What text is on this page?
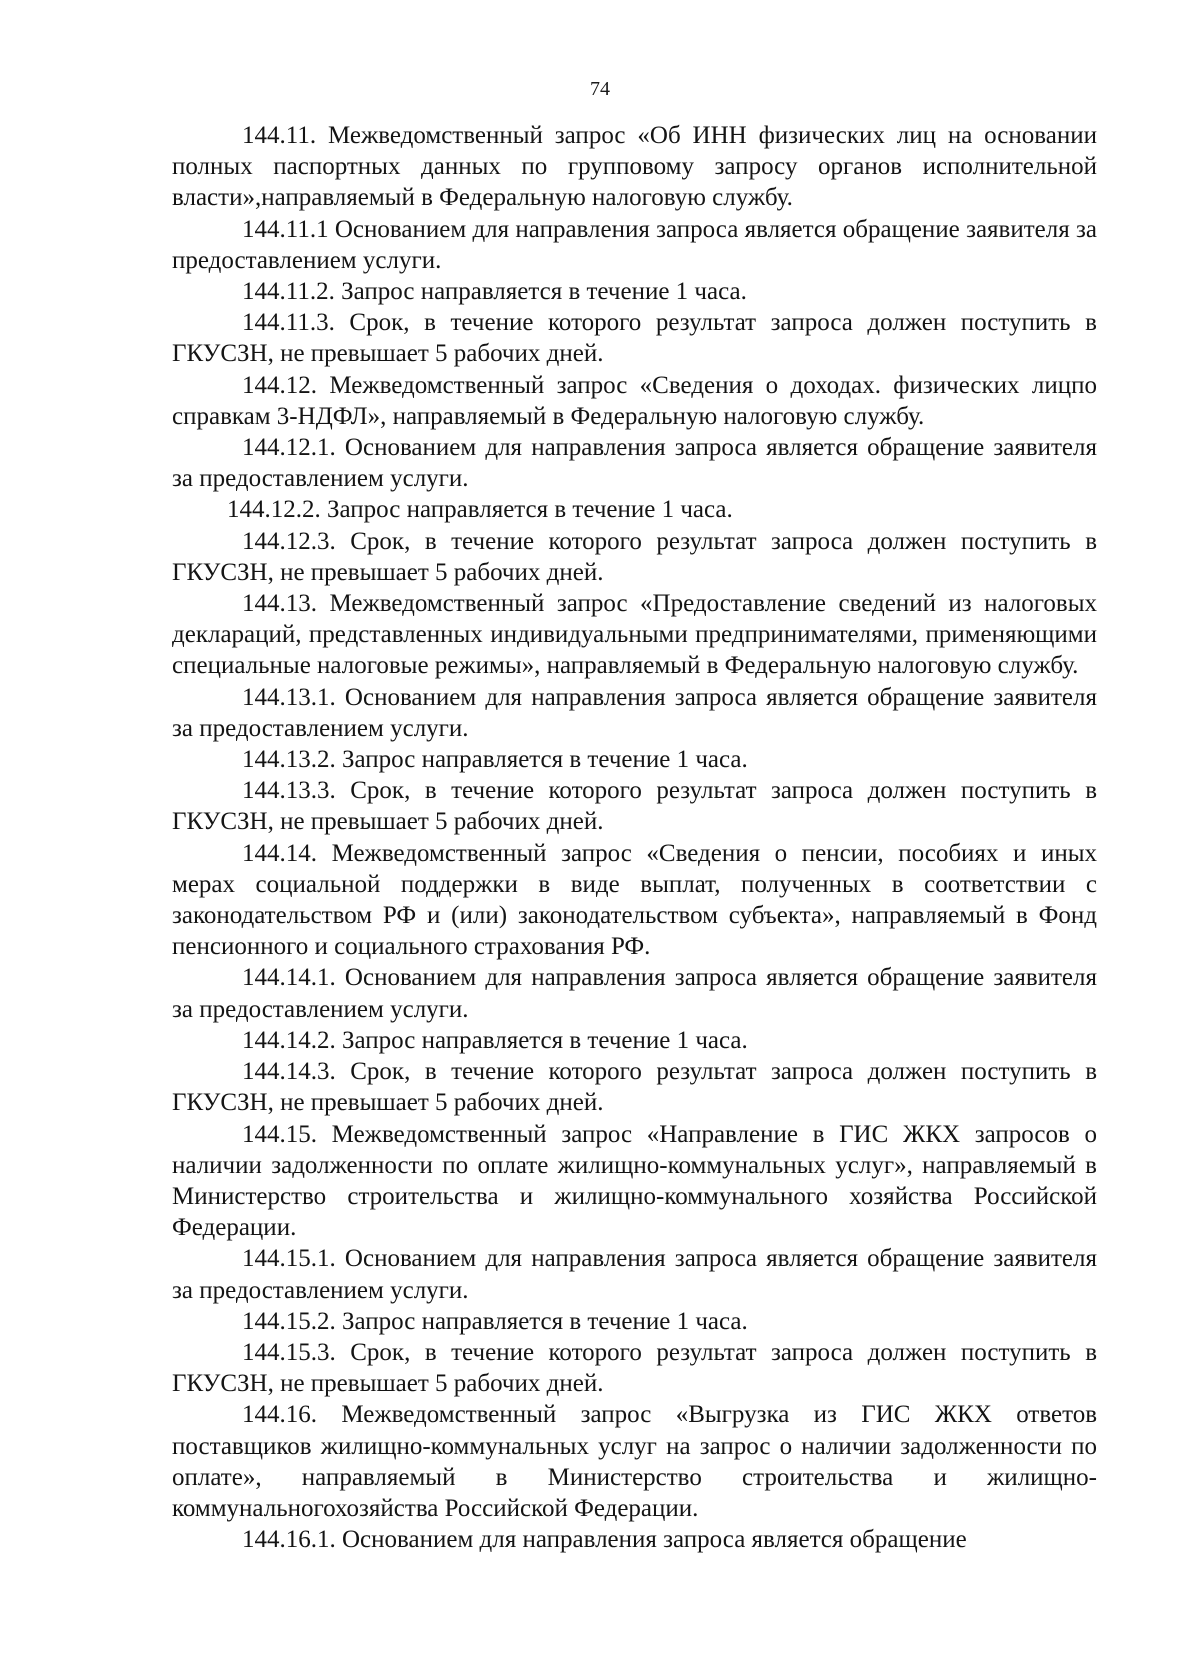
74

144.11. Межведомственный запрос «Об ИНН физических лиц на основании полных паспортных данных по групповому запросу органов исполнительной власти»,направляемый в Федеральную налоговую службу.

144.11.1 Основанием для направления запроса является обращение заявителя за предоставлением услуги.

144.11.2. Запрос направляется в течение 1 часа.

144.11.3. Срок, в течение которого результат запроса должен поступить в ГКУСЗН, не превышает 5 рабочих дней.

144.12. Межведомственный запрос «Сведения о доходах. физических лицпо справкам 3-НДФЛ», направляемый в Федеральную налоговую службу.

144.12.1. Основанием для направления запроса является обращение заявителя за предоставлением услуги.

144.12.2. Запрос направляется в течение 1 часа.

144.12.3. Срок, в течение которого результат запроса должен поступить в ГКУСЗН, не превышает 5 рабочих дней.

144.13. Межведомственный запрос «Предоставление сведений из налоговых деклараций, представленных индивидуальными предпринимателями, применяющими специальные налоговые режимы», направляемый в Федеральную налоговую службу.

144.13.1. Основанием для направления запроса является обращение заявителя за предоставлением услуги.

144.13.2. Запрос направляется в течение 1 часа.

144.13.3. Срок, в течение которого результат запроса должен поступить в ГКУСЗН, не превышает 5 рабочих дней.

144.14. Межведомственный запрос «Сведения о пенсии, пособиях и иных мерах социальной поддержки в виде выплат, полученных в соответствии с законодательством РФ и (или) законодательством субъекта», направляемый в Фонд пенсионного и социального страхования РФ.

144.14.1. Основанием для направления запроса является обращение заявителя за предоставлением услуги.

144.14.2. Запрос направляется в течение 1 часа.

144.14.3. Срок, в течение которого результат запроса должен поступить в ГКУСЗН, не превышает 5 рабочих дней.

144.15. Межведомственный запрос «Направление в ГИС ЖКХ запросов о наличии задолженности по оплате жилищно-коммунальных услуг», направляемый в Министерство строительства и жилищно-коммунального хозяйства Российской Федерации.

144.15.1. Основанием для направления запроса является обращение заявителя за предоставлением услуги.

144.15.2. Запрос направляется в течение 1 часа.

144.15.3. Срок, в течение которого результат запроса должен поступить в ГКУСЗН, не превышает 5 рабочих дней.

144.16. Межведомственный запрос «Выгрузка из ГИС ЖКХ ответов поставщиков жилищно-коммунальных услуг на запрос о наличии задолженности по оплате», направляемый в Министерство строительства и жилищно-коммунальногохозяйства Российской Федерации.

144.16.1. Основанием для направления запроса является обращение
